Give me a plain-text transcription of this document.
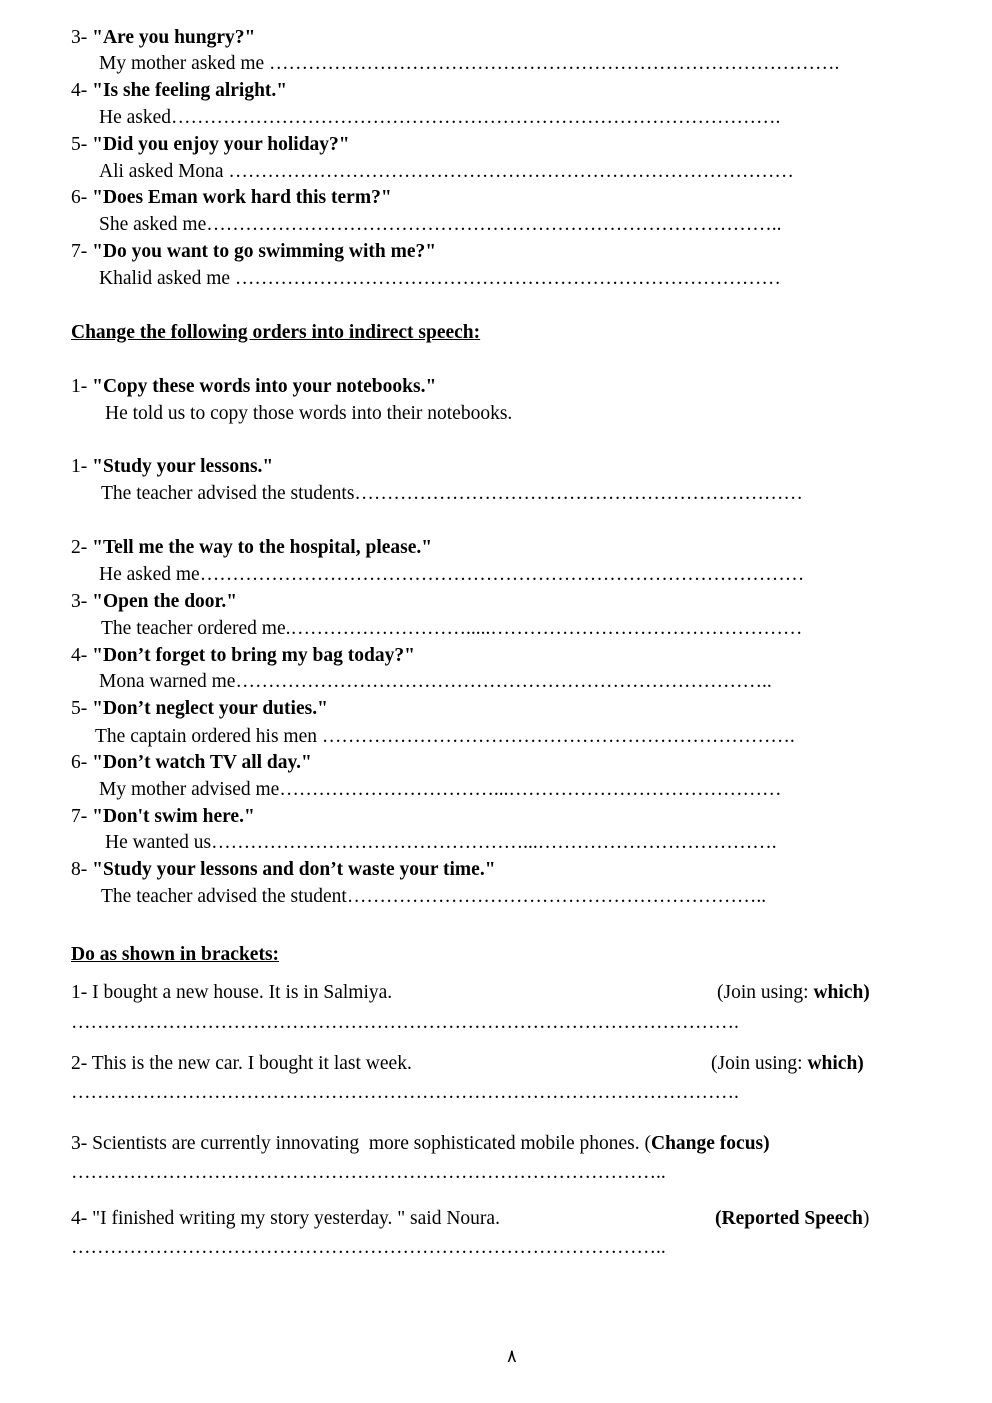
3- "Are you hungry?"
My mother asked me …………………………………………………………………………….
4- "Is she feeling alright."
He asked………………………………………………………………………………….
5- "Did you enjoy your holiday?"
Ali asked Mona ……………………………………………………………………………
6- "Does Eman work hard this term?"
She asked me……………………………………………………………………………..
7- "Do you want to go swimming with me?"
Khalid asked me …………………………………………………………………………
Change the following orders into indirect speech:
1- "Copy these words into your notebooks."
He told us to copy those words into their notebooks.
1- "Study your lessons."
The teacher advised the students……………………………………………………………
2- "Tell me the way to the hospital, please."
He asked me…………………………………………………………………………………
3- "Open the door."
The teacher ordered me.……………………….....…………………………………………
4- "Don’t forget to bring my bag today?"
Mona warned me………………………………………………………………………..
5- "Don’t neglect your duties."
The captain ordered his men ……………………………………………………………….
6- "Don’t watch TV all day."
My mother advised me……………………………...……………………………………
7- "Don't swim here."
He wanted us…………………………………………...……………………………….
8- "Study your lessons and don’t waste your time."
The teacher advised the student………………………………………………………..
Do as shown in brackets:
1- I bought a new house. It is in Salmiya.	(Join using: which)
………………………………………………………………………………………….
2- This is the new car. I bought it last week.	(Join using: which)
………………………………………………………………………………………….
3- Scientists are currently innovating  more sophisticated mobile phones. (Change focus)
………………………………………………………………………………..
4- "I finished writing my story yesterday. " said Noura.	(Reported Speech)
………………………………………………………………………………..
٨
